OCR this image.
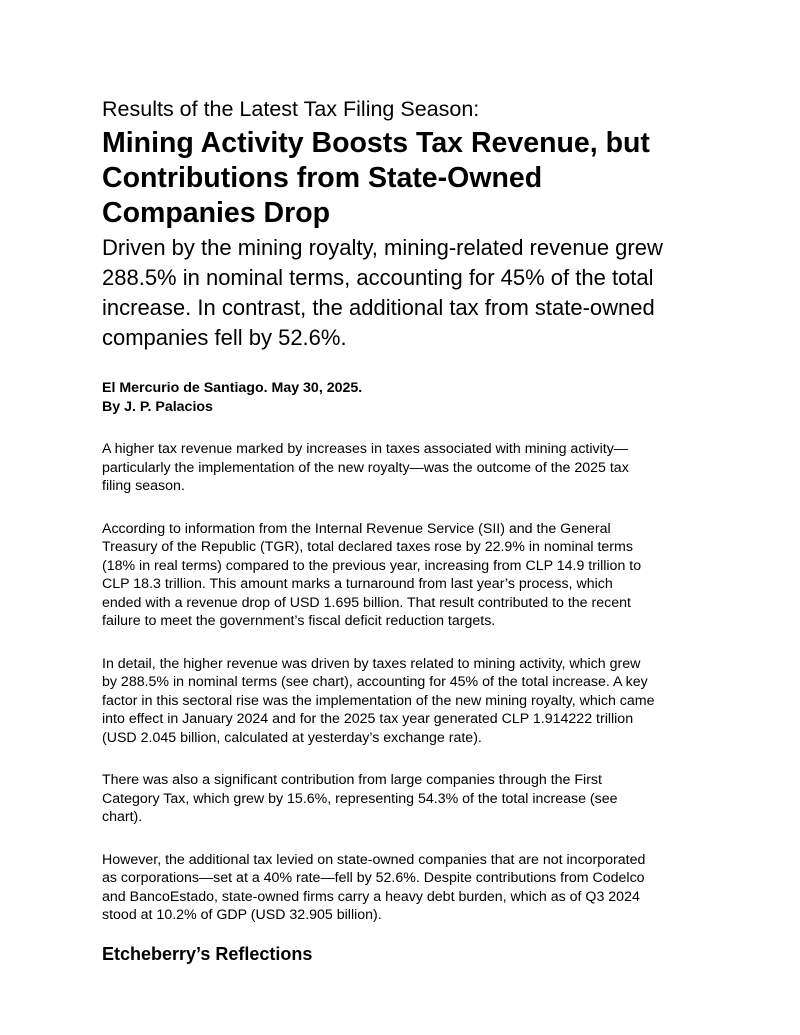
Results of the Latest Tax Filing Season:
Mining Activity Boosts Tax Revenue, but
Contributions from State-Owned
Companies Drop

Driven by the mining royalty, mining-related revenue grew
288.5% in nominal terms, accounting for 45% of the total
increase. In contrast, the additional tax from state-owned
companies fell by 52.6%.

El Mercurio de Santiago. May 30, 2025.
By J. P. Palacios

A higher tax revenue marked by increases in taxes associated with mining activity—
particularly the implementation of the new royalty—was the outcome of the 2025 tax
filing season.

According to information from the Internal Revenue Service (SII) and the General
Treasury of the Republic (TGR), total declared taxes rose by 22.9% in nominal terms
(18% in real terms) compared to the previous year, increasing from CLP 14.9 trillion to
CLP 18.3 trillion. This amount marks a turnaround from last year’s process, which
ended with a revenue drop of USD 1.695 billion. That result contributed to the recent
failure to meet the government’s fiscal deficit reduction targets.

In detail, the higher revenue was driven by taxes related to mining activity, which grew
by 288.5% in nominal terms (see chart), accounting for 45% of the total increase. A key
factor in this sectoral rise was the implementation of the new mining royalty, which came
into effect in January 2024 and for the 2025 tax year generated CLP 1.914222 trillion
(USD 2.045 billion, calculated at yesterday’s exchange rate).

There was also a significant contribution from large companies through the First
Category Tax, which grew by 15.6%, representing 54.3% of the total increase (see
chart).

However, the additional tax levied on state-owned companies that are not incorporated
as corporations—set at a 40% rate—fell by 52.6%. Despite contributions from Codelco
and BancoEstado, state-owned firms carry a heavy debt burden, which as of Q3 2024
stood at 10.2% of GDP (USD 32.905 billion).

Etcheberry’s Reflections
